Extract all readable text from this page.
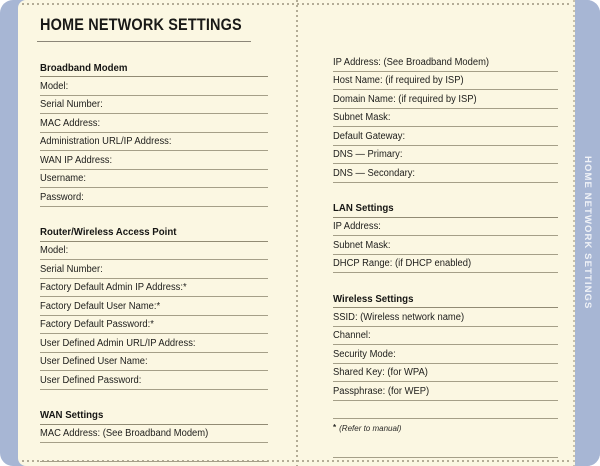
HOME NETWORK SETTINGS
Broadband Modem
Model:
Serial Number:
MAC Address:
Administration URL/IP Address:
WAN IP Address:
Username:
Password:
Router/Wireless Access Point
Model:
Serial Number:
Factory Default Admin IP Address:*
Factory Default User Name:*
Factory Default Password:*
User Defined Admin URL/IP Address:
User Defined User Name:
User Defined Password:
WAN Settings
MAC Address: (See Broadband Modem)
IP Address: (See Broadband Modem)
Host Name: (if required by ISP)
Domain Name: (if required by ISP)
Subnet Mask:
Default Gateway:
DNS — Primary:
DNS — Secondary:
LAN Settings
IP Address:
Subnet Mask:
DHCP Range: (if DHCP enabled)
Wireless Settings
SSID: (Wireless network name)
Channel:
Security Mode:
Shared Key: (for WPA)
Passphrase: (for WEP)
* (Refer to manual)
HOME NETWORK SETTINGS
